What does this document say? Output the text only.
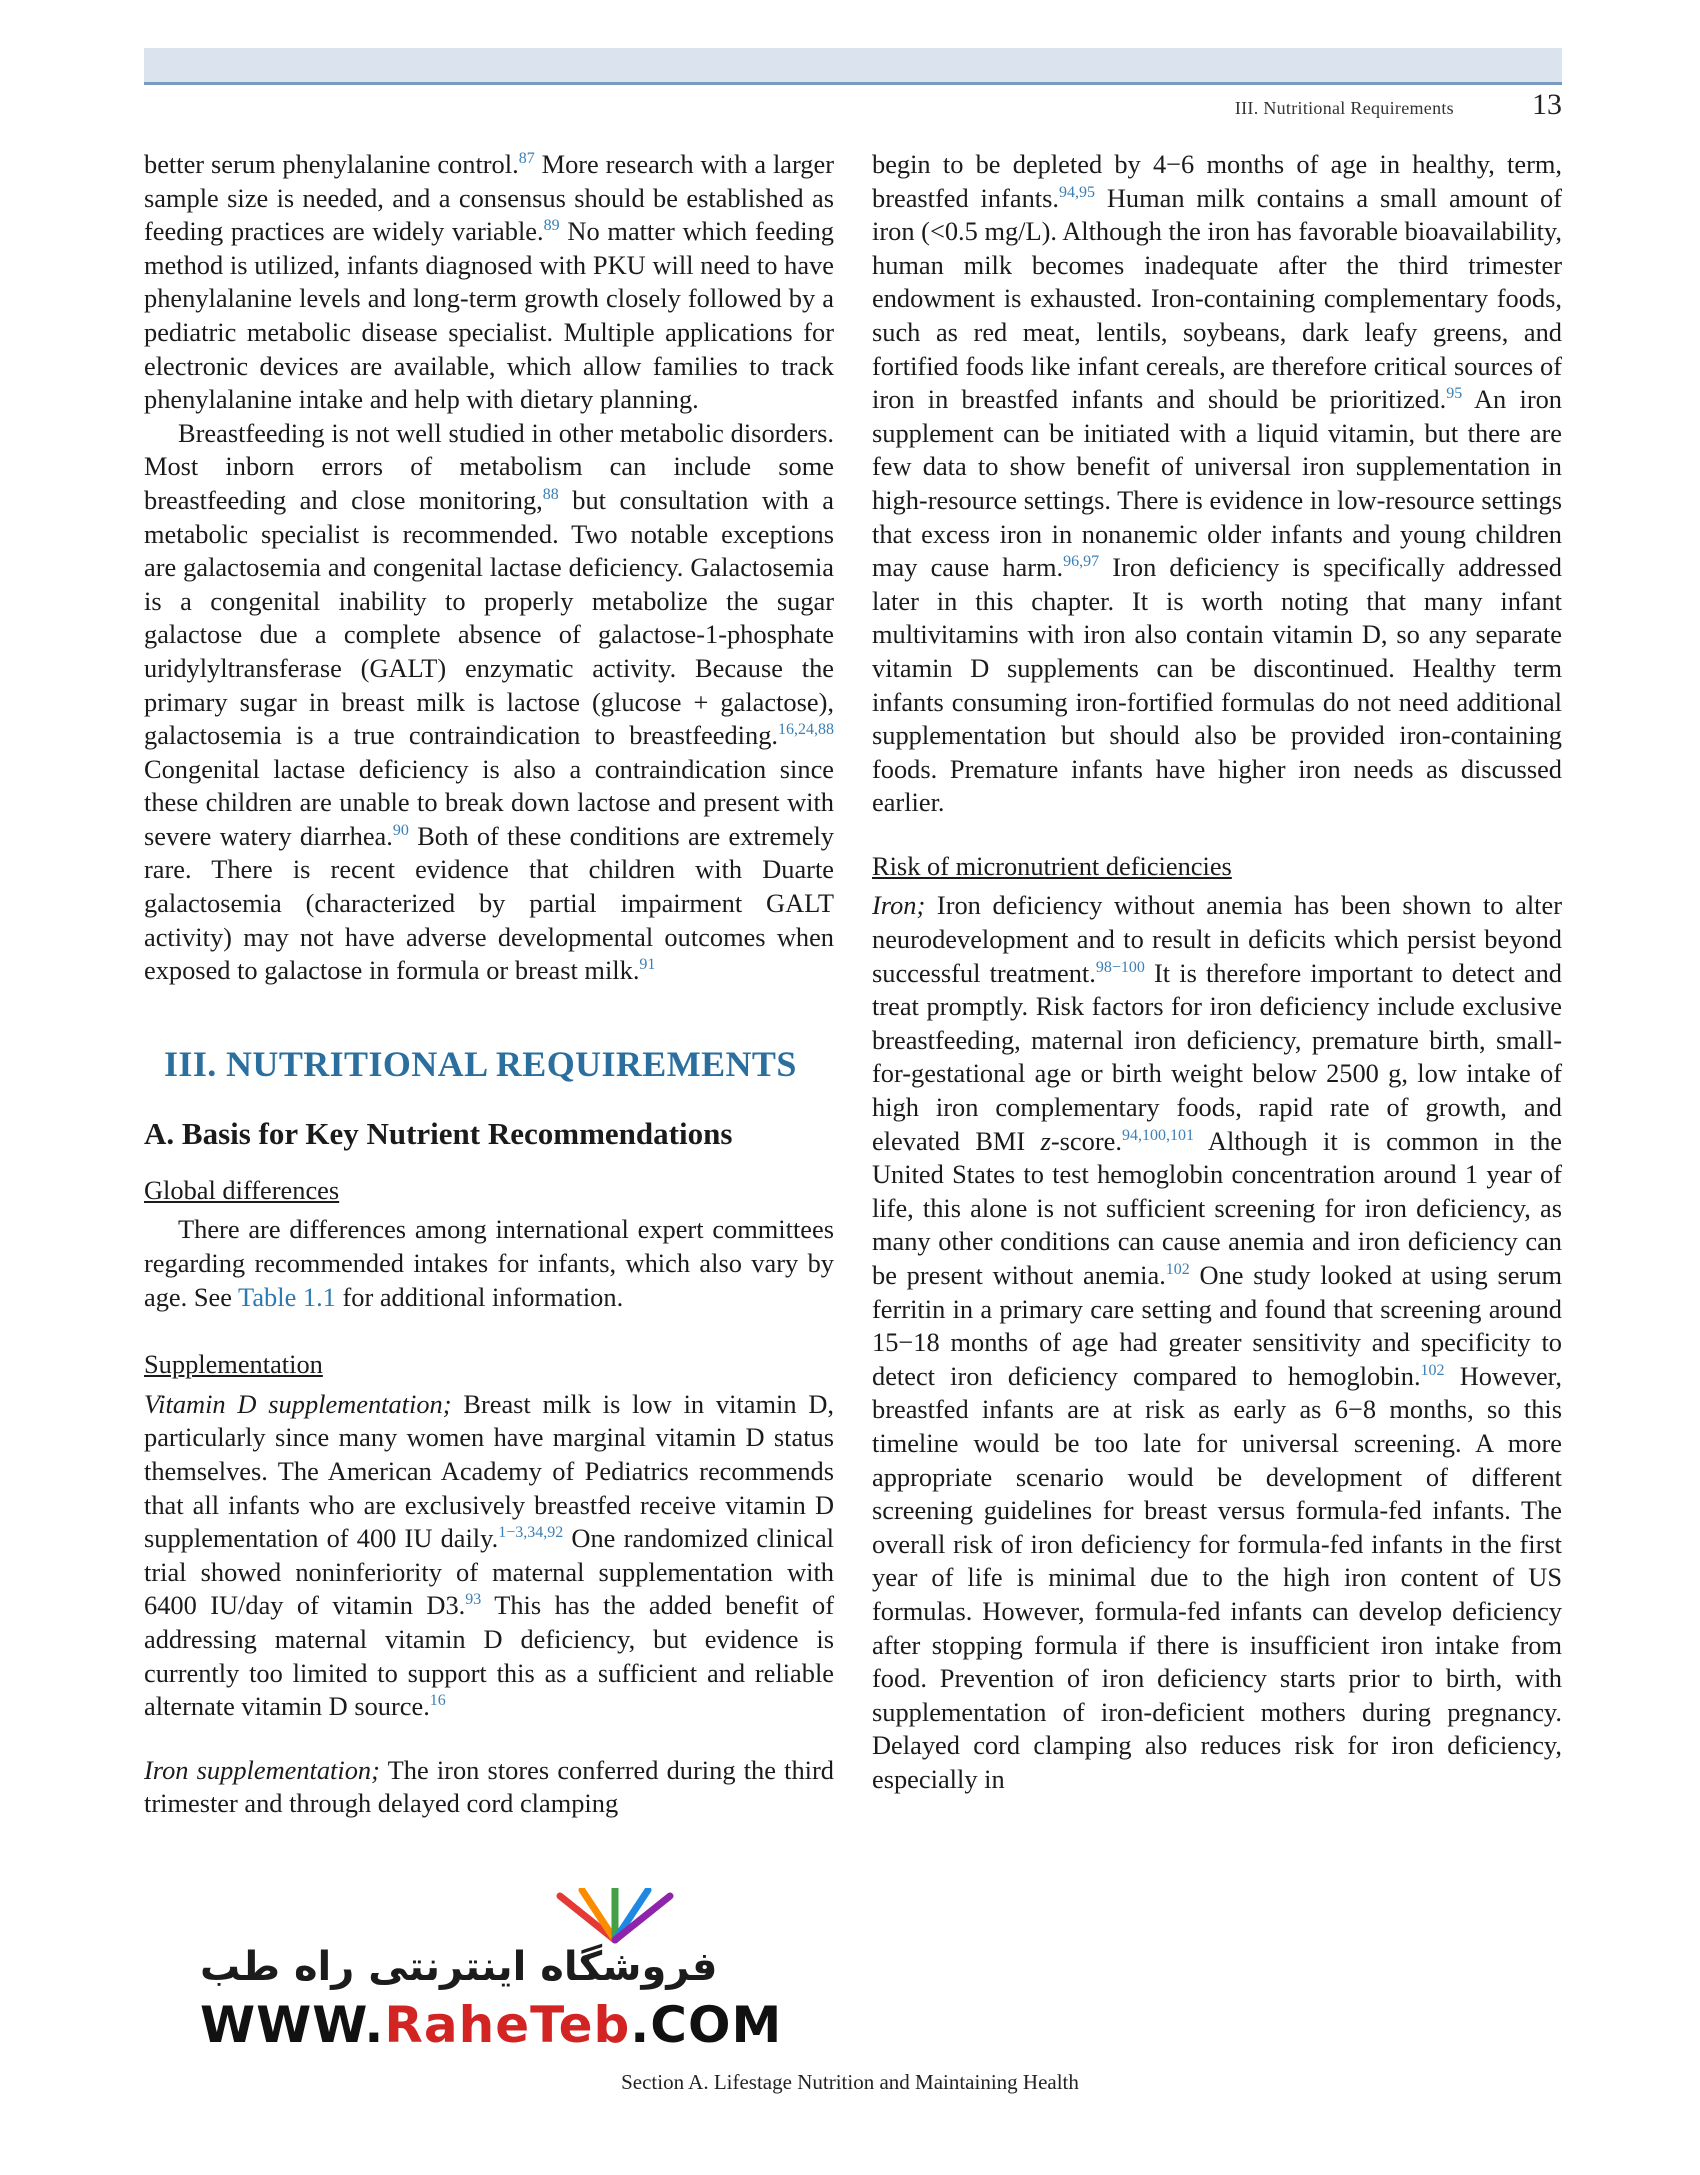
III. Nutritional Requirements	13

better serum phenylalanine control.$^{87}$ More research with a larger sample size is needed, and a consensus should be established as feeding practices are widely variable.$^{89}$ No matter which feeding method is utilized, infants diagnosed with PKU will need to have phenylalanine levels and long-term growth closely followed by a pediatric metabolic disease specialist. Multiple applications for electronic devices are available, which allow families to track phenylalanine intake and help with dietary planning.

Breastfeeding is not well studied in other metabolic disorders. Most inborn errors of metabolism can include some breastfeeding and close monitoring,$^{88}$ but consultation with a metabolic specialist is recommended. Two notable exceptions are galactosemia and congenital lactase deficiency. Galactosemia is a congenital inability to properly metabolize the sugar galactose due a complete absence of galactose-1-phosphate uridylyltransferase (GALT) enzymatic activity. Because the primary sugar in breast milk is lactose (glucose + galactose), galactosemia is a true contraindication to breastfeeding.$^{16,24,88}$ Congenital lactase deficiency is also a contraindication since these children are unable to break down lactose and present with severe watery diarrhea.$^{90}$ Both of these conditions are extremely rare. There is recent evidence that children with Duarte galactosemia (characterized by partial impairment GALT activity) may not have adverse developmental outcomes when exposed to galactose in formula or breast milk.$^{91}$

III. NUTRITIONAL REQUIREMENTS
A. Basis for Key Nutrient Recommendations
Global differences

There are differences among international expert committees regarding recommended intakes for infants, which also vary by age. See Table 1.1 for additional information.

Supplementation

Vitamin D supplementation; Breast milk is low in vitamin D, particularly since many women have marginal vitamin D status themselves. The American Academy of Pediatrics recommends that all infants who are exclusively breastfed receive vitamin D supplementation of 400 IU daily.$^{1-3,34,92}$ One randomized clinical trial showed noninferiority of maternal supplementation with 6400 IU/day of vitamin D3.93 This has the added benefit of addressing maternal vitamin D deficiency, but evidence is currently too limited to support this as a sufficient and reliable alternate vitamin D source.$^{16}$

Iron supplementation; The iron stores conferred during the third trimester and through delayed cord clamping

begin to be depleted by 4−6 months of age in healthy, term, breastfed infants.$^{94,95}$ Human milk contains a small amount of iron (<0.5 mg/L). Although the iron has favorable bioavailability, human milk becomes inadequate after the third trimester endowment is exhausted. Iron-containing complementary foods, such as red meat, lentils, soybeans, dark leafy greens, and fortified foods like infant cereals, are therefore critical sources of iron in breastfed infants and should be prioritized.$^{95}$ An iron supplement can be initiated with a liquid vitamin, but there are few data to show benefit of universal iron supplementation in high-resource settings. There is evidence in low-resource settings that excess iron in nonanemic older infants and young children may cause harm.$^{96,97}$ Iron deficiency is specifically addressed later in this chapter. It is worth noting that many infant multivitamins with iron also contain vitamin D, so any separate vitamin D supplements can be discontinued. Healthy term infants consuming iron-fortified formulas do not need additional supplementation but should also be provided iron-containing foods. Premature infants have higher iron needs as discussed earlier.

Risk of micronutrient deficiencies

Iron; Iron deficiency without anemia has been shown to alter neurodevelopment and to result in deficits which persist beyond successful treatment.$^{98-100}$ It is therefore important to detect and treat promptly. Risk factors for iron deficiency include exclusive breastfeeding, maternal iron deficiency, premature birth, small-for-gestational age or birth weight below 2500 g, low intake of high iron complementary foods, rapid rate of growth, and elevated BMI z-score.$^{94,100,101}$ Although it is common in the United States to test hemoglobin concentration around 1 year of life, this alone is not sufficient screening for iron deficiency, as many other conditions can cause anemia and iron deficiency can be present without anemia.$^{102}$ One study looked at using serum ferritin in a primary care setting and found that screening around 15−18 months of age had greater sensitivity and specificity to detect iron deficiency compared to hemoglobin.$^{102}$ However, breastfed infants are at risk as early as 6−8 months, so this timeline would be too late for universal screening. A more appropriate scenario would be development of different screening guidelines for breast versus formula-fed infants. The overall risk of iron deficiency for formula-fed infants in the first year of life is minimal due to the high iron content of US formulas. However, formula-fed infants can develop deficiency after stopping formula if there is insufficient iron intake from food. Prevention of iron deficiency starts prior to birth, with supplementation of iron-deficient mothers during pregnancy. Delayed cord clamping also reduces risk for iron deficiency, especially in

فروشگاه اینترنتی راه طب
WWW.RaheTeb.COM
Section A. Lifestage Nutrition and Maintaining Health
